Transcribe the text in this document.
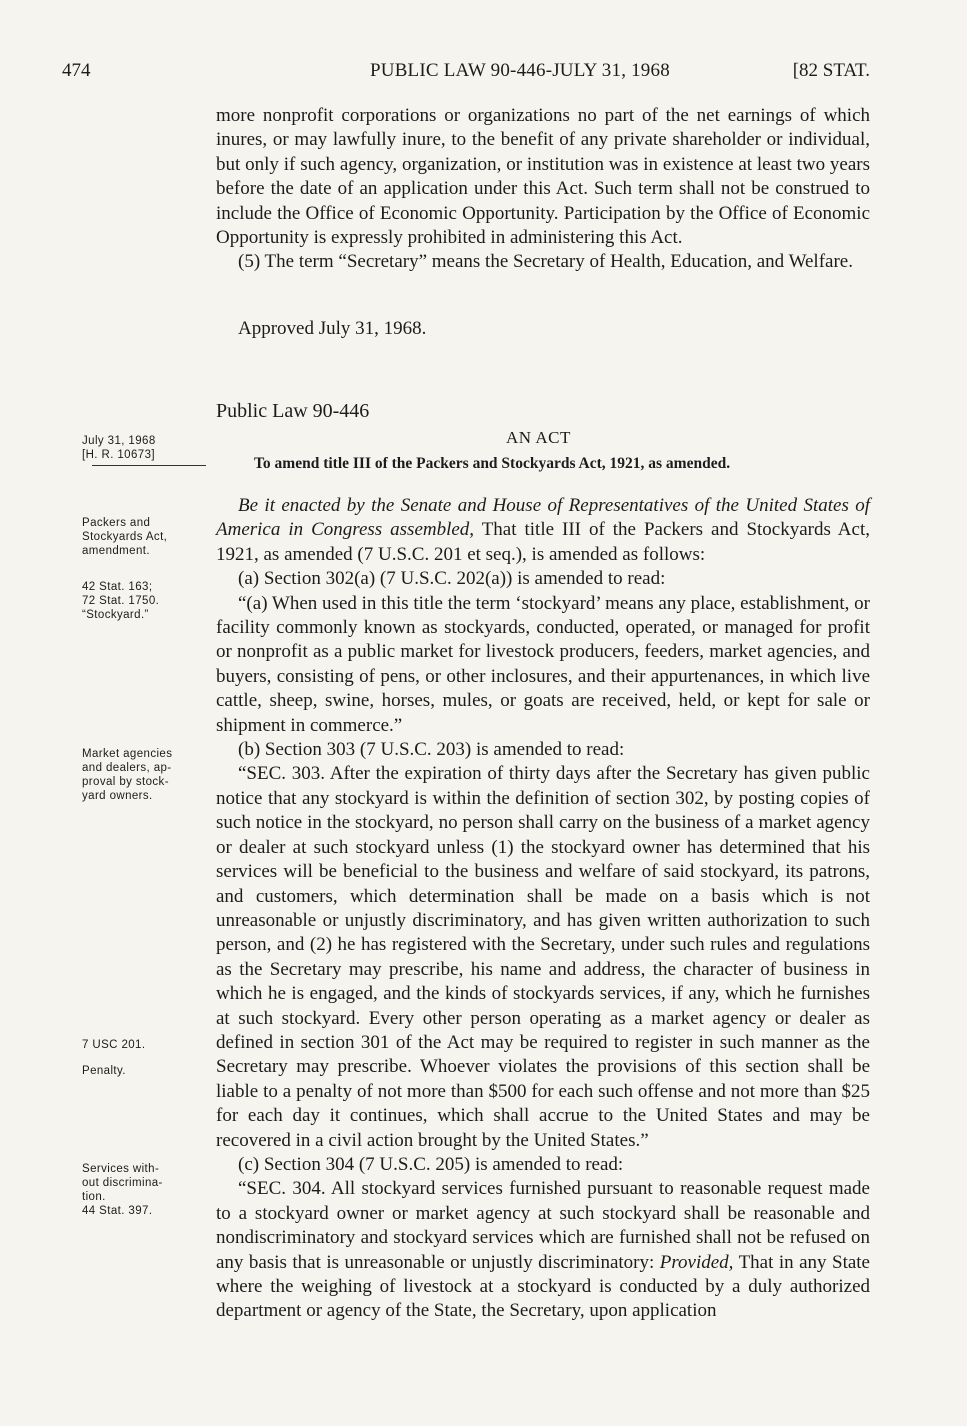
474	PUBLIC LAW 90-446-JULY 31, 1968	[82 STAT.

more nonprofit corporations or organizations no part of the net earnings of which inures, or may lawfully inure, to the benefit of any private shareholder or individual, but only if such agency, organization, or institution was in existence at least two years before the date of an application under this Act. Such term shall not be construed to include the Office of Economic Opportunity. Participation by the Office of Economic Opportunity is expressly prohibited in administering this Act.

(5) The term “Secretary” means the Secretary of Health, Education, and Welfare.

Approved July 31, 1968.
Public Law 90-446
AN ACT
July 31, 1968
[H. R. 10673]	To amend title III of the Packers and Stockyards Act, 1921, as amended.
Packers and
Stockyards Act,
amendment.
42 Stat. 163;
72 Stat. 1750.
“Stockyard.”
Market agencies
and dealers, ap-
proval by stock-
yard owners.
7 USC 201.
Penalty.
Services with-
out discrimina-
tion.
44 Stat. 397.

Be it enacted by the Senate and House of Representatives of the United States of America in Congress assembled, That title III of the Packers and Stockyards Act, 1921, as amended (7 U.S.C. 201 et seq.), is amended as follows:

(a) Section 302(a) (7 U.S.C. 202(a)) is amended to read:

“(a) When used in this title the term ‘stockyard’ means any place, establishment, or facility commonly known as stockyards, conducted, operated, or managed for profit or nonprofit as a public market for livestock producers, feeders, market agencies, and buyers, consisting of pens, or other inclosures, and their appurtenances, in which live cattle, sheep, swine, horses, mules, or goats are received, held, or kept for sale or shipment in commerce.”

(b) Section 303 (7 U.S.C. 203) is amended to read:

“SEC. 303. After the expiration of thirty days after the Secretary has given public notice that any stockyard is within the definition of section 302, by posting copies of such notice in the stockyard, no person shall carry on the business of a market agency or dealer at such stockyard unless (1) the stockyard owner has determined that his services will be beneficial to the business and welfare of said stockyard, its patrons, and customers, which determination shall be made on a basis which is not unreasonable or unjustly discriminatory, and has given written authorization to such person, and (2) he has registered with the Secretary, under such rules and regulations as the Secretary may prescribe, his name and address, the character of business in which he is engaged, and the kinds of stockyards services, if any, which he furnishes at such stockyard. Every other person operating as a market agency or dealer as defined in section 301 of the Act may be required to register in such manner as the Secretary may prescribe. Whoever violates the provisions of this section shall be liable to a penalty of not more than $500 for each such offense and not more than $25 for each day it continues, which shall accrue to the United States and may be recovered in a civil action brought by the United States.”

(c) Section 304 (7 U.S.C. 205) is amended to read:

“SEC. 304. All stockyard services furnished pursuant to reasonable request made to a stockyard owner or market agency at such stockyard shall be reasonable and nondiscriminatory and stockyard services which are furnished shall not be refused on any basis that is unreasonable or unjustly discriminatory: Provided, That in any State where the weighing of livestock at a stockyard is conducted by a duly authorized department or agency of the State, the Secretary, upon application
